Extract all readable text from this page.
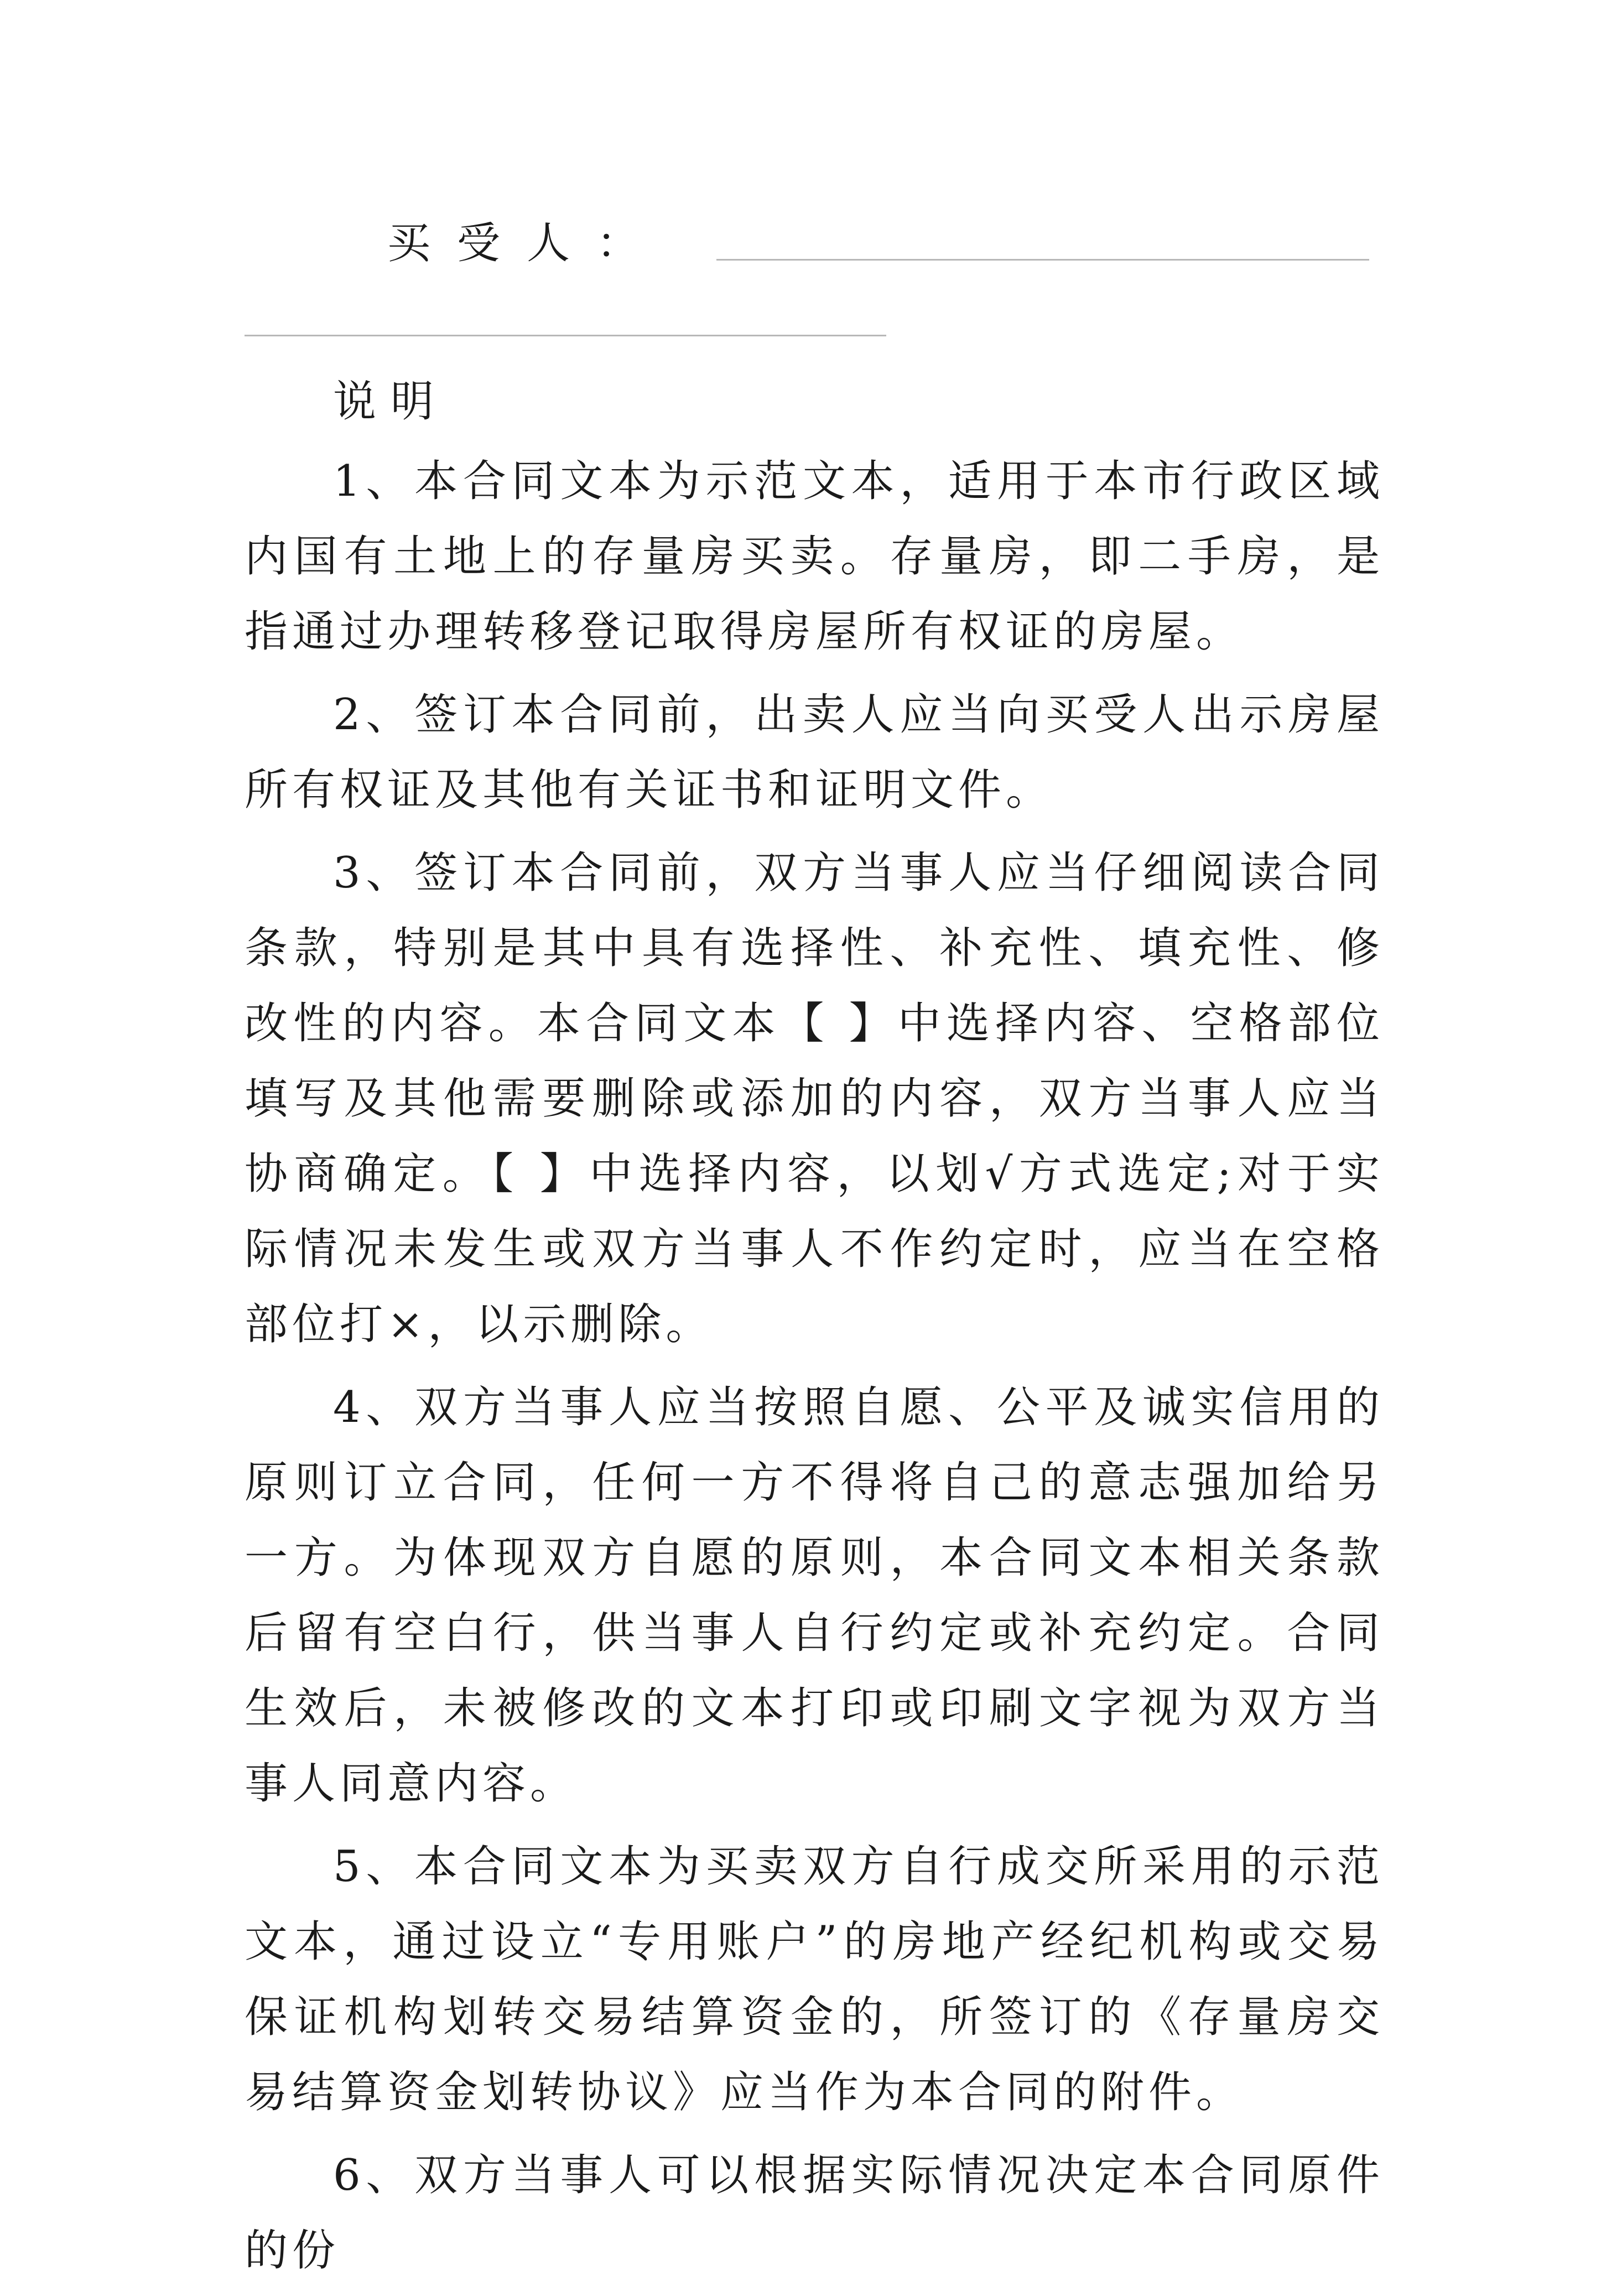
买受人：

说明

1、本合同文本为示范文本，适用于本市行政区域内国有土地上的存量房买卖。存量房，即二手房，是指通过办理转移登记取得房屋所有权证的房屋。

2、签订本合同前，出卖人应当向买受人出示房屋所有权证及其他有关证书和证明文件。

3、签订本合同前，双方当事人应当仔细阅读合同条款，特别是其中具有选择性、补充性、填充性、修改性的内容。本合同文本【 】中选择内容、空格部位填写及其他需要删除或添加的内容，双方当事人应当协商确定。【 】中选择内容，以划√方式选定;对于实际情况未发生或双方当事人不作约定时，应当在空格部位打×，以示删除。

4、双方当事人应当按照自愿、公平及诚实信用的原则订立合同，任何一方不得将自己的意志强加给另一方。为体现双方自愿的原则，本合同文本相关条款后留有空白行，供当事人自行约定或补充约定。合同生效后，未被修改的文本打印或印刷文字视为双方当事人同意内容。

5、本合同文本为买卖双方自行成交所采用的示范文本，通过设立“专用账户”的房地产经纪机构或交易保证机构划转交易结算资金的，所签订的《存量房交易结算资金划转协议》应当作为本合同的附件。

6、双方当事人可以根据实际情况决定本合同原件的份
